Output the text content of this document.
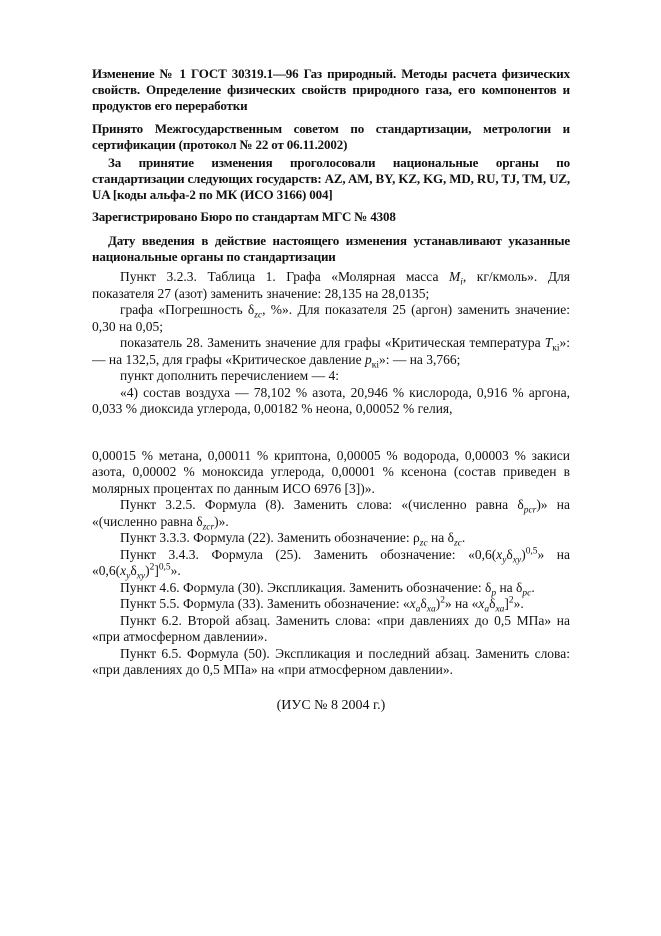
Изменение № 1 ГОСТ 30319.1—96 Газ природный. Методы расчета физических свойств. Определение физических свойств природного газа, его компонентов и продуктов его переработки

Принято Межгосударственным советом по стандартизации, метрологии и сертификации (протокол № 22 от 06.11.2002)

За принятие изменения проголосовали национальные органы по стандартизации следующих государств: AZ, AM, BY, KZ, KG, MD, RU, TJ, TM, UZ, UA [коды альфа-2 по МК (ИСО 3166) 004]

Зарегистрировано Бюро по стандартам МГС № 4308

Дату введения в действие настоящего изменения устанавливают указанные национальные органы по стандартизации

Пункт 3.2.3. Таблица 1. Графа «Молярная масса $M_i$, кг/кмоль». Для показателя 27 (азот) заменить значение: 28,135 на 28,0135;

графа «Погрешность $\delta_{zc}$, %». Для показателя 25 (аргон) заменить значение: 0,30 на 0,05;

показатель 28. Заменить значение для графы «Критическая температура $T_{кi}$»: — на 132,5, для графы «Критическое давление $p_{кi}$»: — на 3,766;

пункт дополнить перечислением — 4:

«4) состав воздуха — 78,102 % азота, 20,946 % кислорода, 0,916 % аргона, 0,033 % диоксида углерода, 0,00182 % неона, 0,00052 % гелия,

0,00015 % метана, 0,00011 % криптона, 0,00005 % водорода, 0,00003 % закиси азота, 0,00002 % моноксида углерода, 0,00001 % ксенона (состав приведен в молярных процентах по данным ИСО 6976 [3])».

Пункт 3.2.5. Формула (8). Заменить слова: «(численно равна $\delta_{pcr}$)» на «(численно равна $\delta_{zcr}$)».

Пункт 3.3.3. Формула (22). Заменить обозначение: $\rho_{zc}$ на $\delta_{zc}$.

Пункт 3.4.3. Формула (25). Заменить обозначение: «$0,6(x_y\delta_{xy})^{0,5}$» на «$0,6(x_y\delta_{xy})^2]^{0,5}$».

Пункт 4.6. Формула (30). Экспликация. Заменить обозначение: $\delta_p$ на $\delta_{pc}$.

Пункт 5.5. Формула (33). Заменить обозначение: «$x_a\delta_{xa})^2$» на «$x_a\delta_{xa}]^2$».

Пункт 6.2. Второй абзац. Заменить слова: «при давлениях до 0,5 МПа» на «при атмосферном давлении».

Пункт 6.5. Формула (50). Экспликация и последний абзац. Заменить слова: «при давлениях до 0,5 МПа» на «при атмосферном давлении».

(ИУС № 8 2004 г.)
